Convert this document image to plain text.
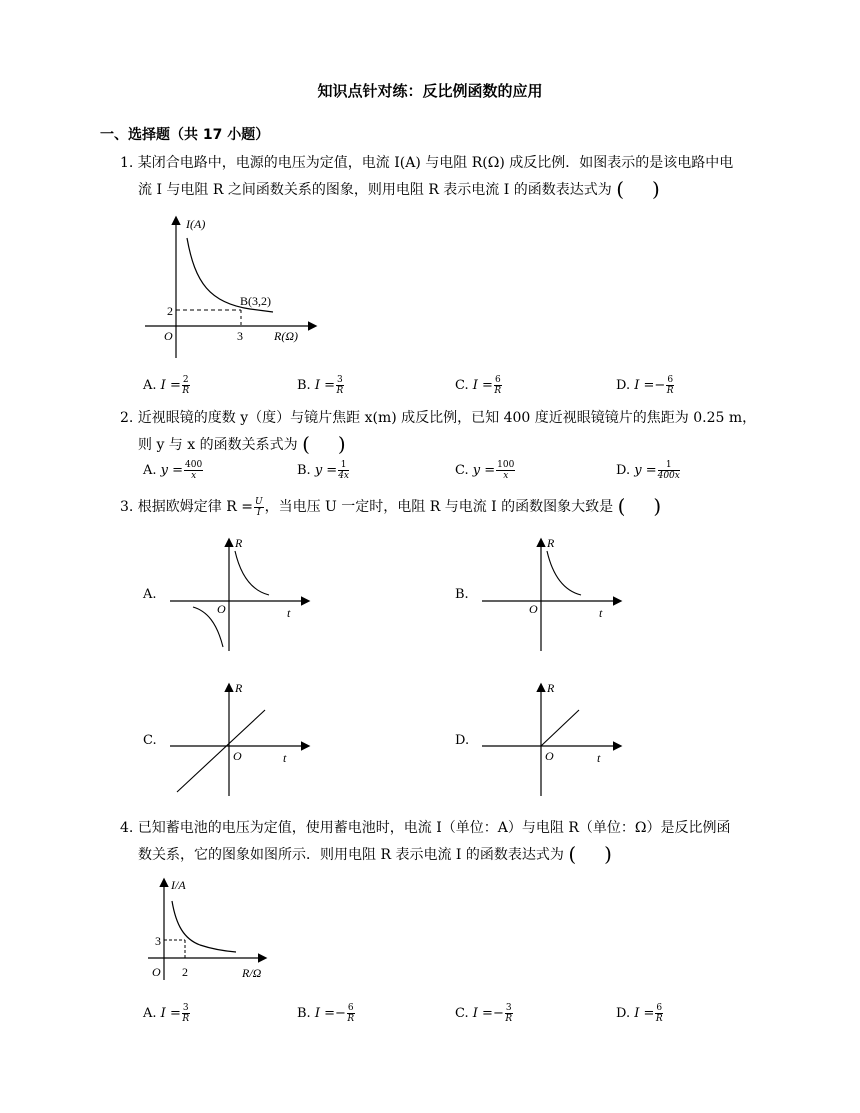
知识点针对练：反比例函数的应用
一、选择题（共 17 小题）
1. 某闭合电路中，电源的电压为定值，电流 I(A) 与电阻 R(Ω) 成反比例．如图表示的是该电路中电
流 I 与电阻 R 之间函数关系的图象，则用电阻 R 表示电流 I 的函数表达式为 ( )
I(A)
R(Ω)
O
2
3
B(3,2)
A. $I = \frac{2}{R}$	B. $I = \frac{3}{R}$	C. $I = \frac{6}{R}$	D. $I =- \frac{6}{R}$
2. 近视眼镜的度数 y（度）与镜片焦距 x(m) 成反比例，已知 400 度近视眼镜镜片的焦距为 0.25 m，
则 y 与 x 的函数关系式为 ( )
A. $y = \frac{400}{x}$	B. $y = \frac{1}{4x}$	C. $y = \frac{100}{x}$	D. $y = \frac{1}{400x}$
3. 根据欧姆定律 $R = \frac{U}{I}$ ，当电压 U 一定时，电阻 R 与电流 I 的函数图象大致是 ( )
A.
R
t
O
B.
R
t
O
C.
R
t
O
D.
R
t
O
4. 已知蓄电池的电压为定值，使用蓄电池时，电流 I（单位：A）与电阻 R（单位：Ω）是反比例函
数关系，它的图象如图所示．则用电阻 R 表示电流 I 的函数表达式为 ( )
I/A
R/Ω
O
3
2
A. $I = \frac{3}{R}$	B. $I =- \frac{6}{R}$	C. $I =- \frac{3}{R}$	D. $I = \frac{6}{R}$
